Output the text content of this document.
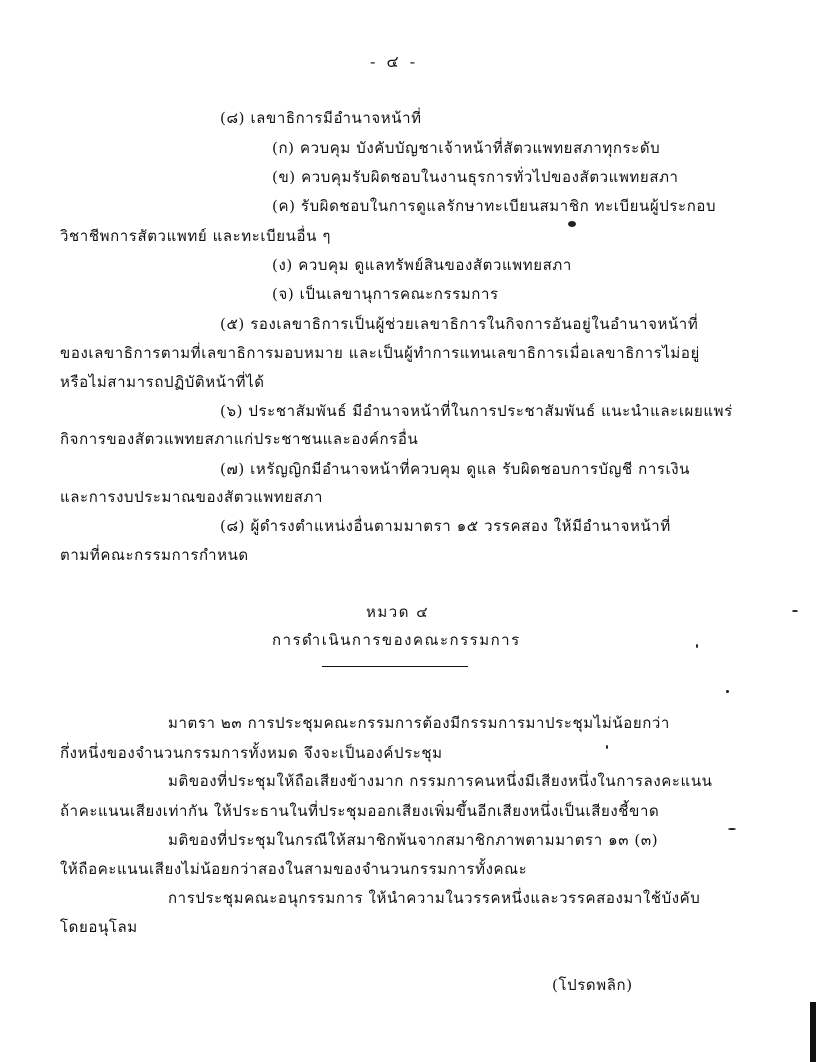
- ๔ -
(๘) เลขาธิการมีอำนาจหน้าที่
(ก) ควบคุม บังคับบัญชาเจ้าหน้าที่สัตวแพทยสภาทุกระดับ
(ข) ควบคุมรับผิดชอบในงานธุรการทั่วไปของสัตวแพทยสภา
(ค) รับผิดชอบในการดูแลรักษาทะเบียนสมาชิก ทะเบียนผู้ประกอบ
วิชาชีพการสัตวแพทย์ และทะเบียนอื่น ๆ
(ง) ควบคุม ดูแลทรัพย์สินของสัตวแพทยสภา
(จ) เป็นเลขานุการคณะกรรมการ
(๕) รองเลขาธิการเป็นผู้ช่วยเลขาธิการในกิจการอันอยู่ในอำนาจหน้าที่
ของเลขาธิการตามที่เลขาธิการมอบหมาย และเป็นผู้ทำการแทนเลขาธิการเมื่อเลขาธิการไม่อยู่
หรือไม่สามารถปฏิบัติหน้าที่ได้
(๖) ประชาสัมพันธ์ มีอำนาจหน้าที่ในการประชาสัมพันธ์ แนะนำและเผยแพร่
กิจการของสัตวแพทยสภาแก่ประชาชนและองค์กรอื่น
(๗) เหรัญญิกมีอำนาจหน้าที่ควบคุม ดูแล รับผิดชอบการบัญชี การเงิน
และการงบประมาณของสัตวแพทยสภา
(๘) ผู้ดำรงตำแหน่งอื่นตามมาตรา ๑๕ วรรคสอง ให้มีอำนาจหน้าที่
ตามที่คณะกรรมการกำหนด
หมวด ๔
การดำเนินการของคณะกรรมการ
มาตรา ๒๓ การประชุมคณะกรรมการต้องมีกรรมการมาประชุมไม่น้อยกว่า
กึ่งหนึ่งของจำนวนกรรมการทั้งหมด จึงจะเป็นองค์ประชุม
มติของที่ประชุมให้ถือเสียงข้างมาก กรรมการคนหนึ่งมีเสียงหนึ่งในการลงคะแนน
ถ้าคะแนนเสียงเท่ากัน ให้ประธานในที่ประชุมออกเสียงเพิ่มขึ้นอีกเสียงหนึ่งเป็นเสียงชี้ขาด
มติของที่ประชุมในกรณีให้สมาชิกพ้นจากสมาชิกภาพตามมาตรา ๑๓ (๓)
ให้ถือคะแนนเสียงไม่น้อยกว่าสองในสามของจำนวนกรรมการทั้งคณะ
การประชุมคณะอนุกรรมการ ให้นำความในวรรคหนึ่งและวรรคสองมาใช้บังคับ
โดยอนุโลม
(โปรดพลิก)
